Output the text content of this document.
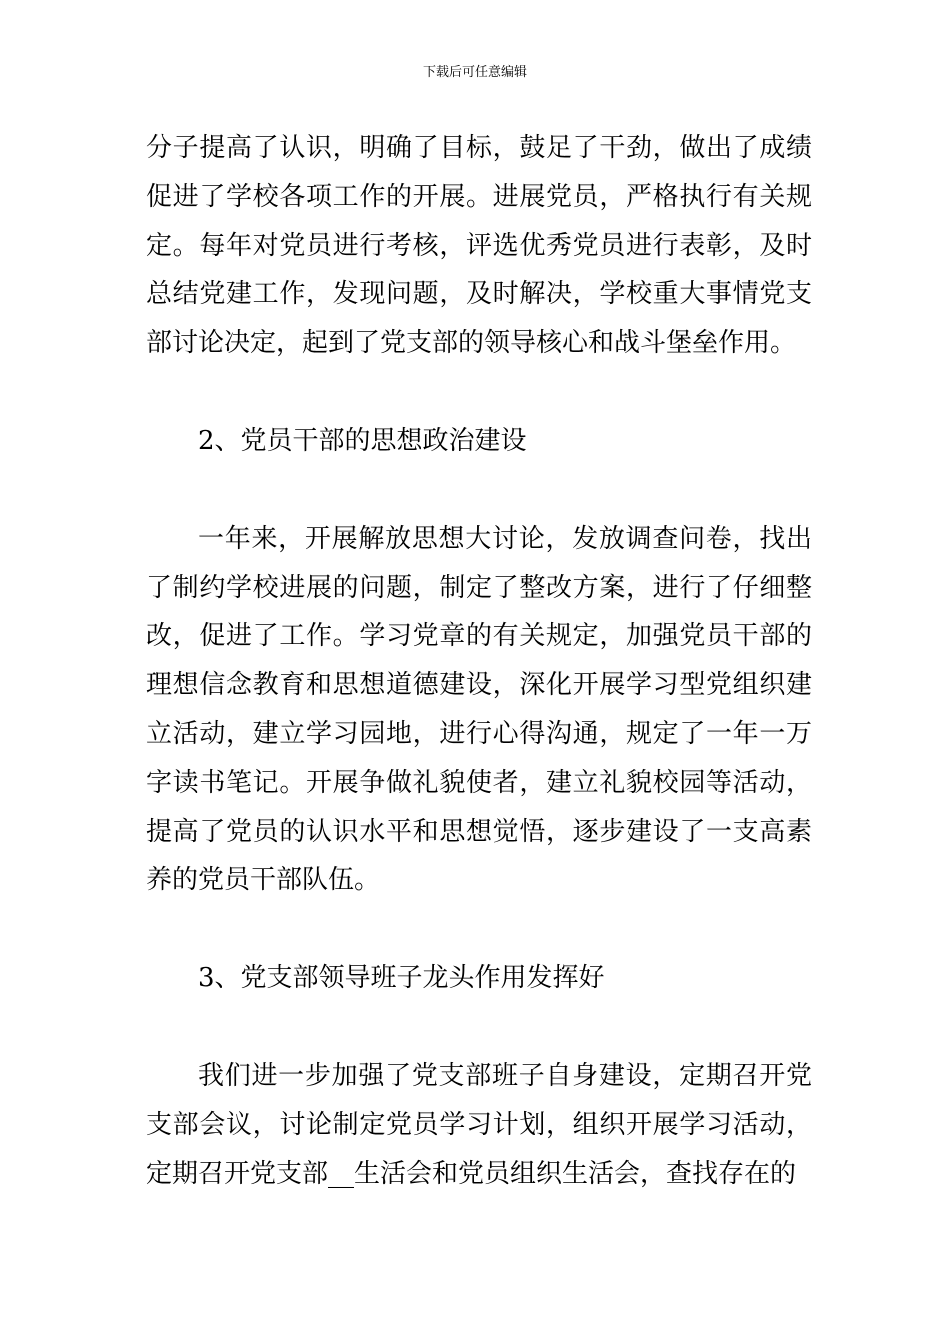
下载后可任意编辑

分子提高了认识，明确了目标，鼓足了干劲，做出了成绩促进了学校各项工作的开展。进展党员，严格执行有关规定。每年对党员进行考核，评选优秀党员进行表彰，及时总结党建工作，发现问题，及时解决，学校重大事情党支部讨论决定，起到了党支部的领导核心和战斗堡垒作用。

2、党员干部的思想政治建设

一年来，开展解放思想大讨论，发放调查问卷，找出了制约学校进展的问题，制定了整改方案，进行了仔细整改，促进了工作。学习党章的有关规定，加强党员干部的理想信念教育和思想道德建设，深化开展学习型党组织建立活动，建立学习园地，进行心得沟通，规定了一年一万字读书笔记。开展争做礼貌使者，建立礼貌校园等活动，提高了党员的认识水平和思想觉悟，逐步建设了一支高素养的党员干部队伍。

3、党支部领导班子龙头作用发挥好

我们进一步加强了党支部班子自身建设，定期召开党支部会议，讨论制定党员学习计划，组织开展学习活动，定期召开党支部__生活会和党员组织生活会，查找存在的
